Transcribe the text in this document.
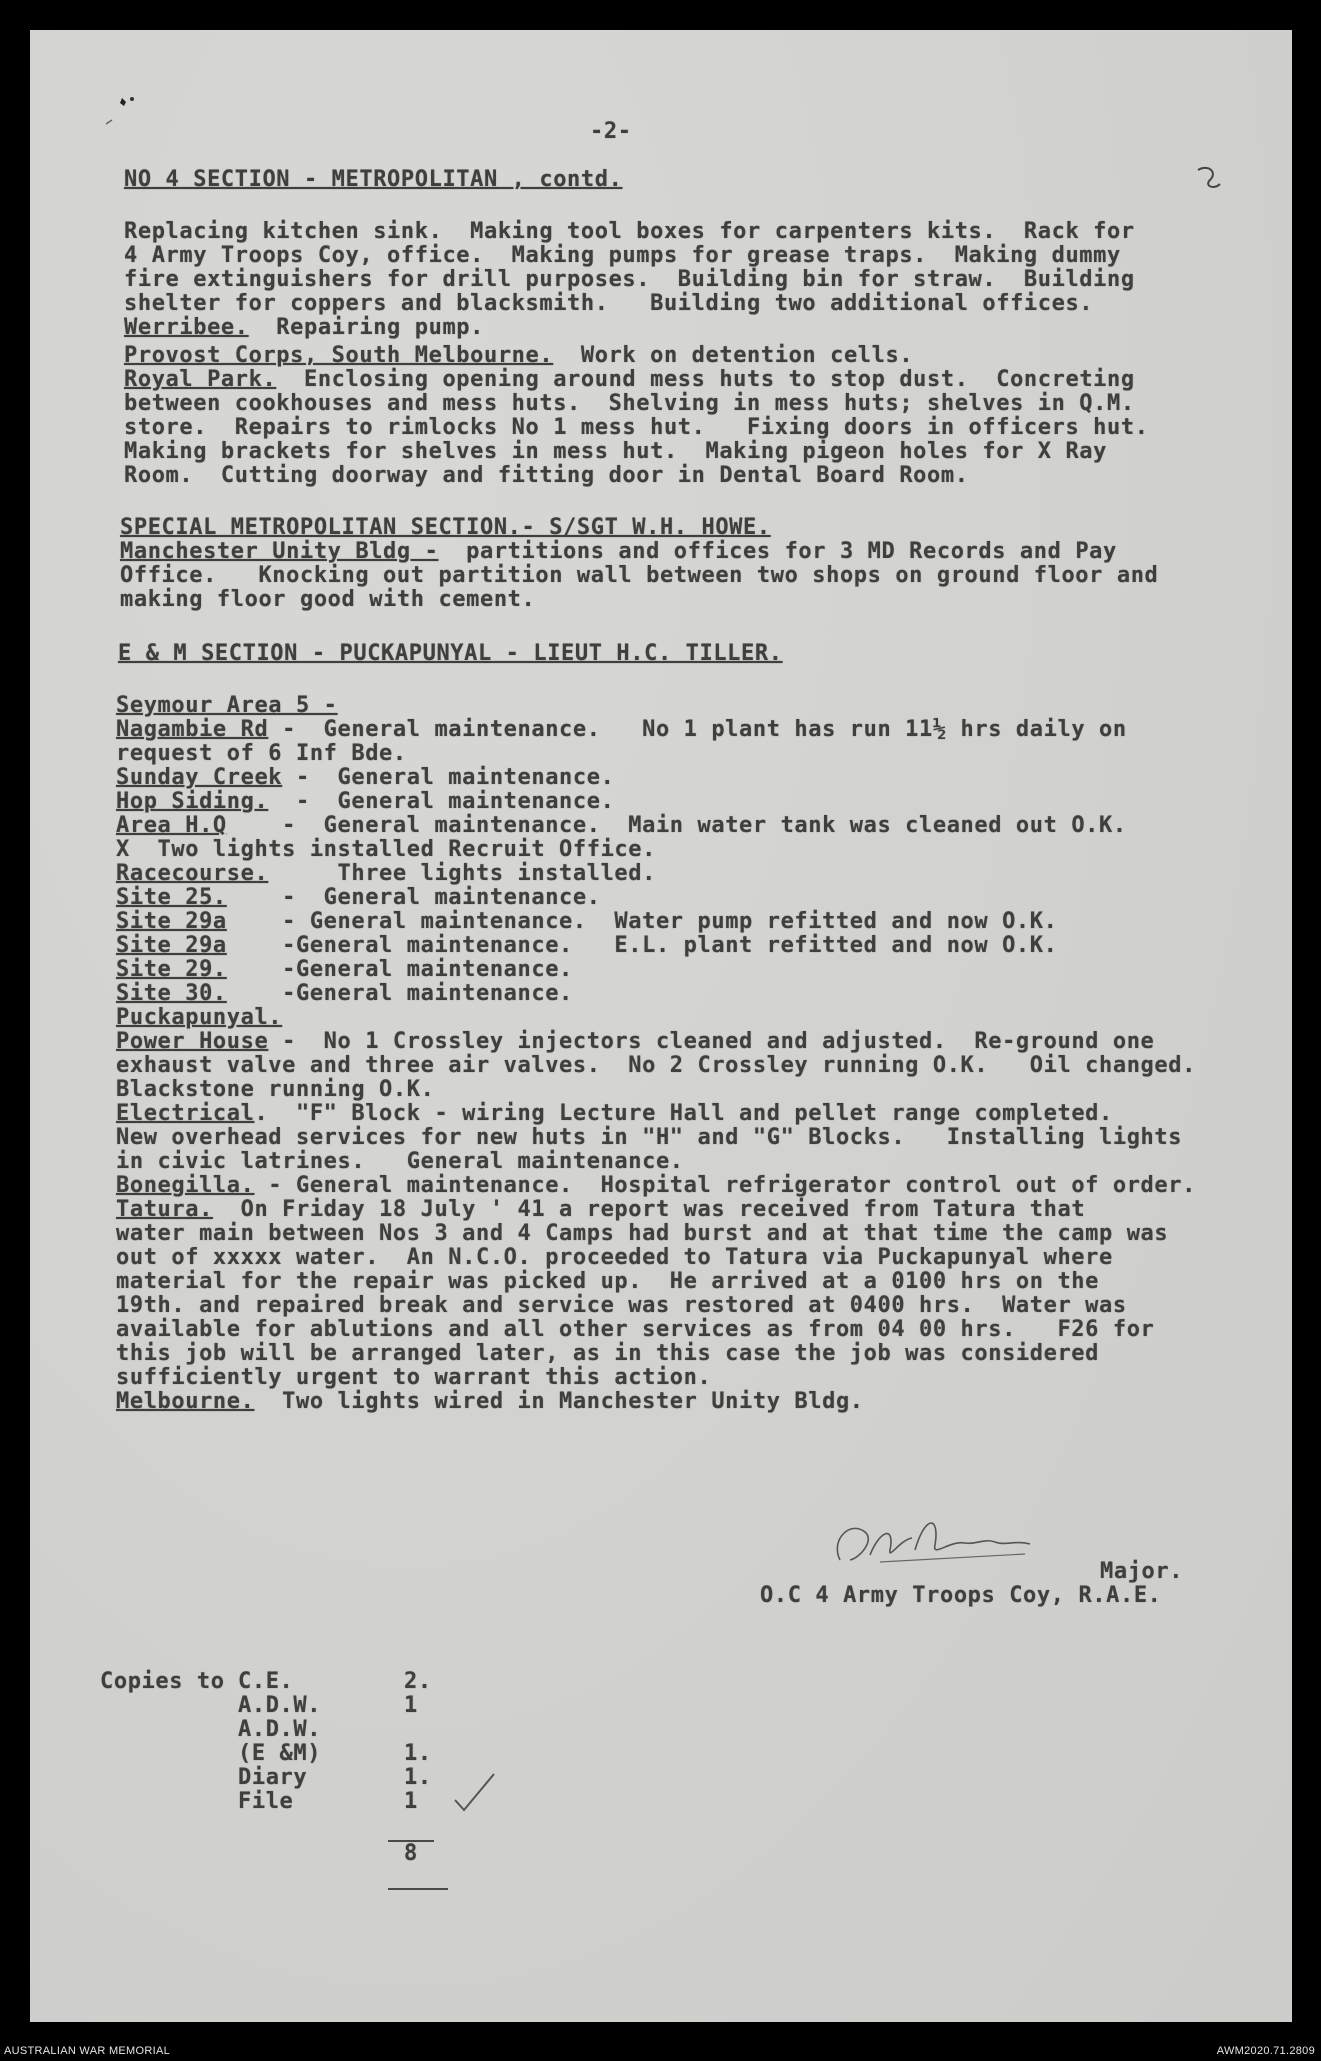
-2-
NO 4 SECTION - METROPOLITAN , contd.
Replacing kitchen sink.  Making tool boxes for carpenters kits.  Rack for
4 Army Troops Coy, office.  Making pumps for grease traps.  Making dummy
fire extinguishers for drill purposes.  Building bin for straw.  Building
shelter for coppers and blacksmith.   Building two additional offices.
Werribee.  Repairing pump.
Provost Corps, South Melbourne.  Work on detention cells.
Royal Park.  Enclosing opening around mess huts to stop dust.  Concreting
between cookhouses and mess huts.  Shelving in mess huts; shelves in Q.M.
store.  Repairs to rimlocks No 1 mess hut.   Fixing doors in officers hut.
Making brackets for shelves in mess hut.  Making pigeon holes for X Ray
Room.  Cutting doorway and fitting door in Dental Board Room.
SPECIAL METROPOLITAN SECTION.- S/SGT W.H. HOWE.
Manchester Unity Bldg -  partitions and offices for 3 MD Records and Pay
Office.   Knocking out partition wall between two shops on ground floor and
making floor good with cement.
E & M SECTION - PUCKAPUNYAL - LIEUT H.C. TILLER.
Seymour Area 5 -
Major.
O.C 4 Army Troops Coy, R.A.E.
Copies to
8
Nagambie Rd -  General maintenance.   No 1 plant has run 11½ hrs daily on
request of 6 Inf Bde.
Sunday Creek -  General maintenance.
Hop Siding.  -  General maintenance.
Area H.Q    -  General maintenance.  Main water tank was cleaned out O.K.
X  Two lights installed Recruit Office.
Racecourse.     Three lights installed.
Site 25.    -  General maintenance.
Site 29a    - General maintenance.  Water pump refitted and now O.K.
Site 29a    -General maintenance.   E.L. plant refitted and now O.K.
Site 29.    -General maintenance.
Site 30.    -General maintenance.
Puckapunyal.
Power House -  No 1 Crossley injectors cleaned and adjusted.  Re-ground one
exhaust valve and three air valves.  No 2 Crossley running O.K.   Oil changed.
Blackstone running O.K.
Electrical.  "F" Block - wiring Lecture Hall and pellet range completed.
New overhead services for new huts in "H" and "G" Blocks.   Installing lights
in civic latrines.   General maintenance.
Bonegilla. - General maintenance.  Hospital refrigerator control out of order.
Tatura.  On Friday 18 July ' 41 a report was received from Tatura that
water main between Nos 3 and 4 Camps had burst and at that time the camp was
out of xxxxx water.  An N.C.O. proceeded to Tatura via Puckapunyal where
material for the repair was picked up.  He arrived at a 0100 hrs on the
19th. and repaired break and service was restored at 0400 hrs.  Water was
available for ablutions and all other services as from 04 00 hrs.   F26 for
this job will be arranged later, as in this case the job was considered
sufficiently urgent to warrant this action.
Melbourne.  Two lights wired in Manchester Unity Bldg.
C.E.	2.
A.D.W.	1
A.D.W.
(E &M)	1.
Diary	1.
File	1
AUSTRALIAN WAR MEMORIAL	AWM2020.71.2809
